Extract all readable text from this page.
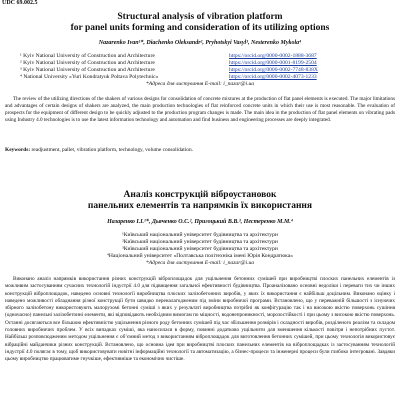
UDC 69.002.5
Structural analysis of vibration platform
for panel units forming and consideration of its utilizing options
Nazarenko Ivan¹*, Diachenko Oleksandr², Pryhotskyi Vasyl³, Nesterenko Mykola⁴
¹ Kyiv National University of Construction and Architecture	https://orcid.org/0000-0002-1888-3687
² Kyiv National University of Construction and Architecture	https://orcid.org/0000-0001-8199-2504
³ Kyiv National University of Construction and Architecture	https://orcid.org/0000-0002-7748-838X
⁴ National University «Yuri Kondratyuk Poltava Polytechnic»	https://orcid.org/0000-0002-4073-1233
*Адреса для листування E-mail: i_nazar@i.ua

The review of the utilizing directions of the shakers of various designs for consolidation of concrete mixtures at the production of flat panel elements is executed. The major limitations and advantages of certain designs of shakers are analyzed, the main production technologies of flat reinforced concrete units in which their use is most reasonable. The evaluation of prospects for the equipment of different design to be quickly adjusted to the production program changes is made. The main idea in the production of flat panel elements on vibrating pads using Industry 4.0 technologies is to use the latest information technology and automation and find business and engineering processes are deeply integrated.

Keywords: readjustment, pallet, vibration platform, technology, volume consolidation.
Аналіз конструкцій віброустановок
панельних елементів та напрямків їх використання
Назаренко І.І.¹*, Дьяченко О.С.², Пригоцький В.В.³, Нестеренко М.М.⁴
¹Київський національний університет будівництва та архітектури
²Київський національний університет будівництва та архітектури
³Київський національний університет будівництва та архітектури
⁴Національний університет «Полтавська політехніка імені Юрія Кондратюка»
*Адреса для листування E-mail: i_nazar@i.ua

Виконано аналіз напрямків використання різних конструкцій віброплощадок для ущільнення бетонних сумішей при виробництві плоских панельних елементів із можливим застосуванням сучасних технологій індустрії 4.0 для підвищення загальної ефективності будівництва. Проаналізовано основні недоліки і переваги тих чи інших конструкцій віброплощадок, наведено основні технології виробництва плоских залізобетонних виробів, у яких їх використання є найбільш доцільним. Виконано оцінку і наведено можливості обладнання різної конструкції бути швидко переналагодженим під зміни виробничої програми. Встановлено, що у переважній більшості з існуючих збірного залізобетону використовують малорухомі бетонні суміші з яких у результаті виробництва потрібні як конфігурацію так і на високою якістю поверхонь сушіння (одночасно) панельні залізобетонні елементи, які відповідають необхідним вимогам по міцності, водонепроникності, морозостійкості і при цьому з високою якістю поверхонь. Останні досягаються все більшою ефективністю ущільнення різного роду бетонних сумішей під час збільшення розмірів і складності виробів, розділеного реалізм та складом головних виробничих проблем. У всіх випадках сумішi, яка наносилася в форму, повинні додатково ущільнити для зменшення кількості повітря і непотрібних пустот. Найбільш розповсюдженим методом ущільнення є об’ємний метод з використанням віброплощадок для виготовлення бетонних сумішей, при цьому технологія використовує вібраційні майданчики різних конструкцій. Встановлено, що основна ідея при виробництві плоских панельних елементів на віброплощадках із застосуванням технологій індустрії 4.0 полягає в тому, щоб використовувати новітні інформаційні технології та автоматизацію, а бізнес-процеси та інженерні процеси були глибоко інтегровані. Завдяки цьому виробництво працюватиме гнучкіше, ефективніше та економічно чистіше.
